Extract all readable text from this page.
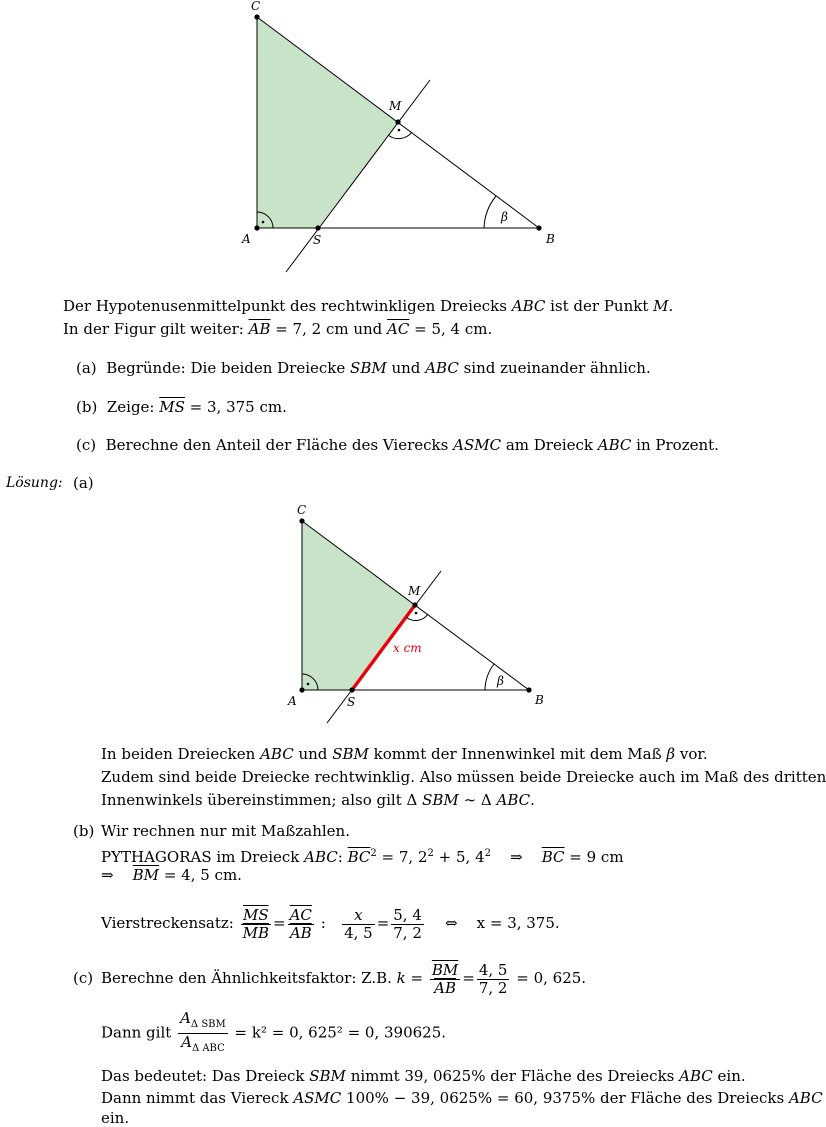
C
M
A	S	B
β
Der Hypotenusenmittelpunkt des rechtwinkligen Dreiecks ABC ist der Punkt M.
In der Figur gilt weiter: $\overline{AB} = 7$, 2 cm und $\overline{AC} = 5$, 4 cm.
(a) Begründe: Die beiden Dreiecke SBM und ABC sind zueinander ähnlich.
(b) Zeige: $\overline{MS} = 3$, 375 cm.
(c) Berechne den Anteil der Fläche des Vierecks ASMC am Dreieck ABC in Prozent.
Lösung: (a)
C
M
A	S	B
β
x cm
In beiden Dreiecken ABC und SBM kommt der Innenwinkel mit dem Maß β vor.
Zudem sind beide Dreiecke rechtwinklig. Also müssen beide Dreiecke auch im Maß des dritten
Innenwinkels übereinstimmen; also gilt Δ SBM ∼ Δ ABC.
(b) Wir rechnen nur mit Maßzahlen.
PYTHAGORAS im Dreieck ABC: $\overline{BC}^2 = 7$, $2^2 + 5$, $4^2$ ⇒ $\overline{BC} = 9$ cm
⇒ $\overline{BM} = 4$, 5 cm.
Vierstreckensatz: $\frac{\overline{MS}}{MB} = \frac{\overline{AC}}{AB}$ : $\frac{x}{4, 5} = \frac{5, 4}{7, 2}$ ⇔ x = 3, 375.
(c) Berechne den Ähnlichkeitsfaktor: Z.B. $k = \frac{\overline{BM}}{AB} = \frac{4, 5}{7, 2} = 0$, 625.
Dann gilt $\frac{A_{\Delta SBM}}{A_{\Delta ABC}} = k^2 = 0$, 625² = 0, 390625.
Das bedeutet: Das Dreieck SBM nimmt 39, 0625% der Fläche des Dreiecks ABC ein.
Dann nimmt das Viereck ASMC 100% − 39, 0625% = 60, 9375% der Fläche des Dreiecks ABC
ein.
